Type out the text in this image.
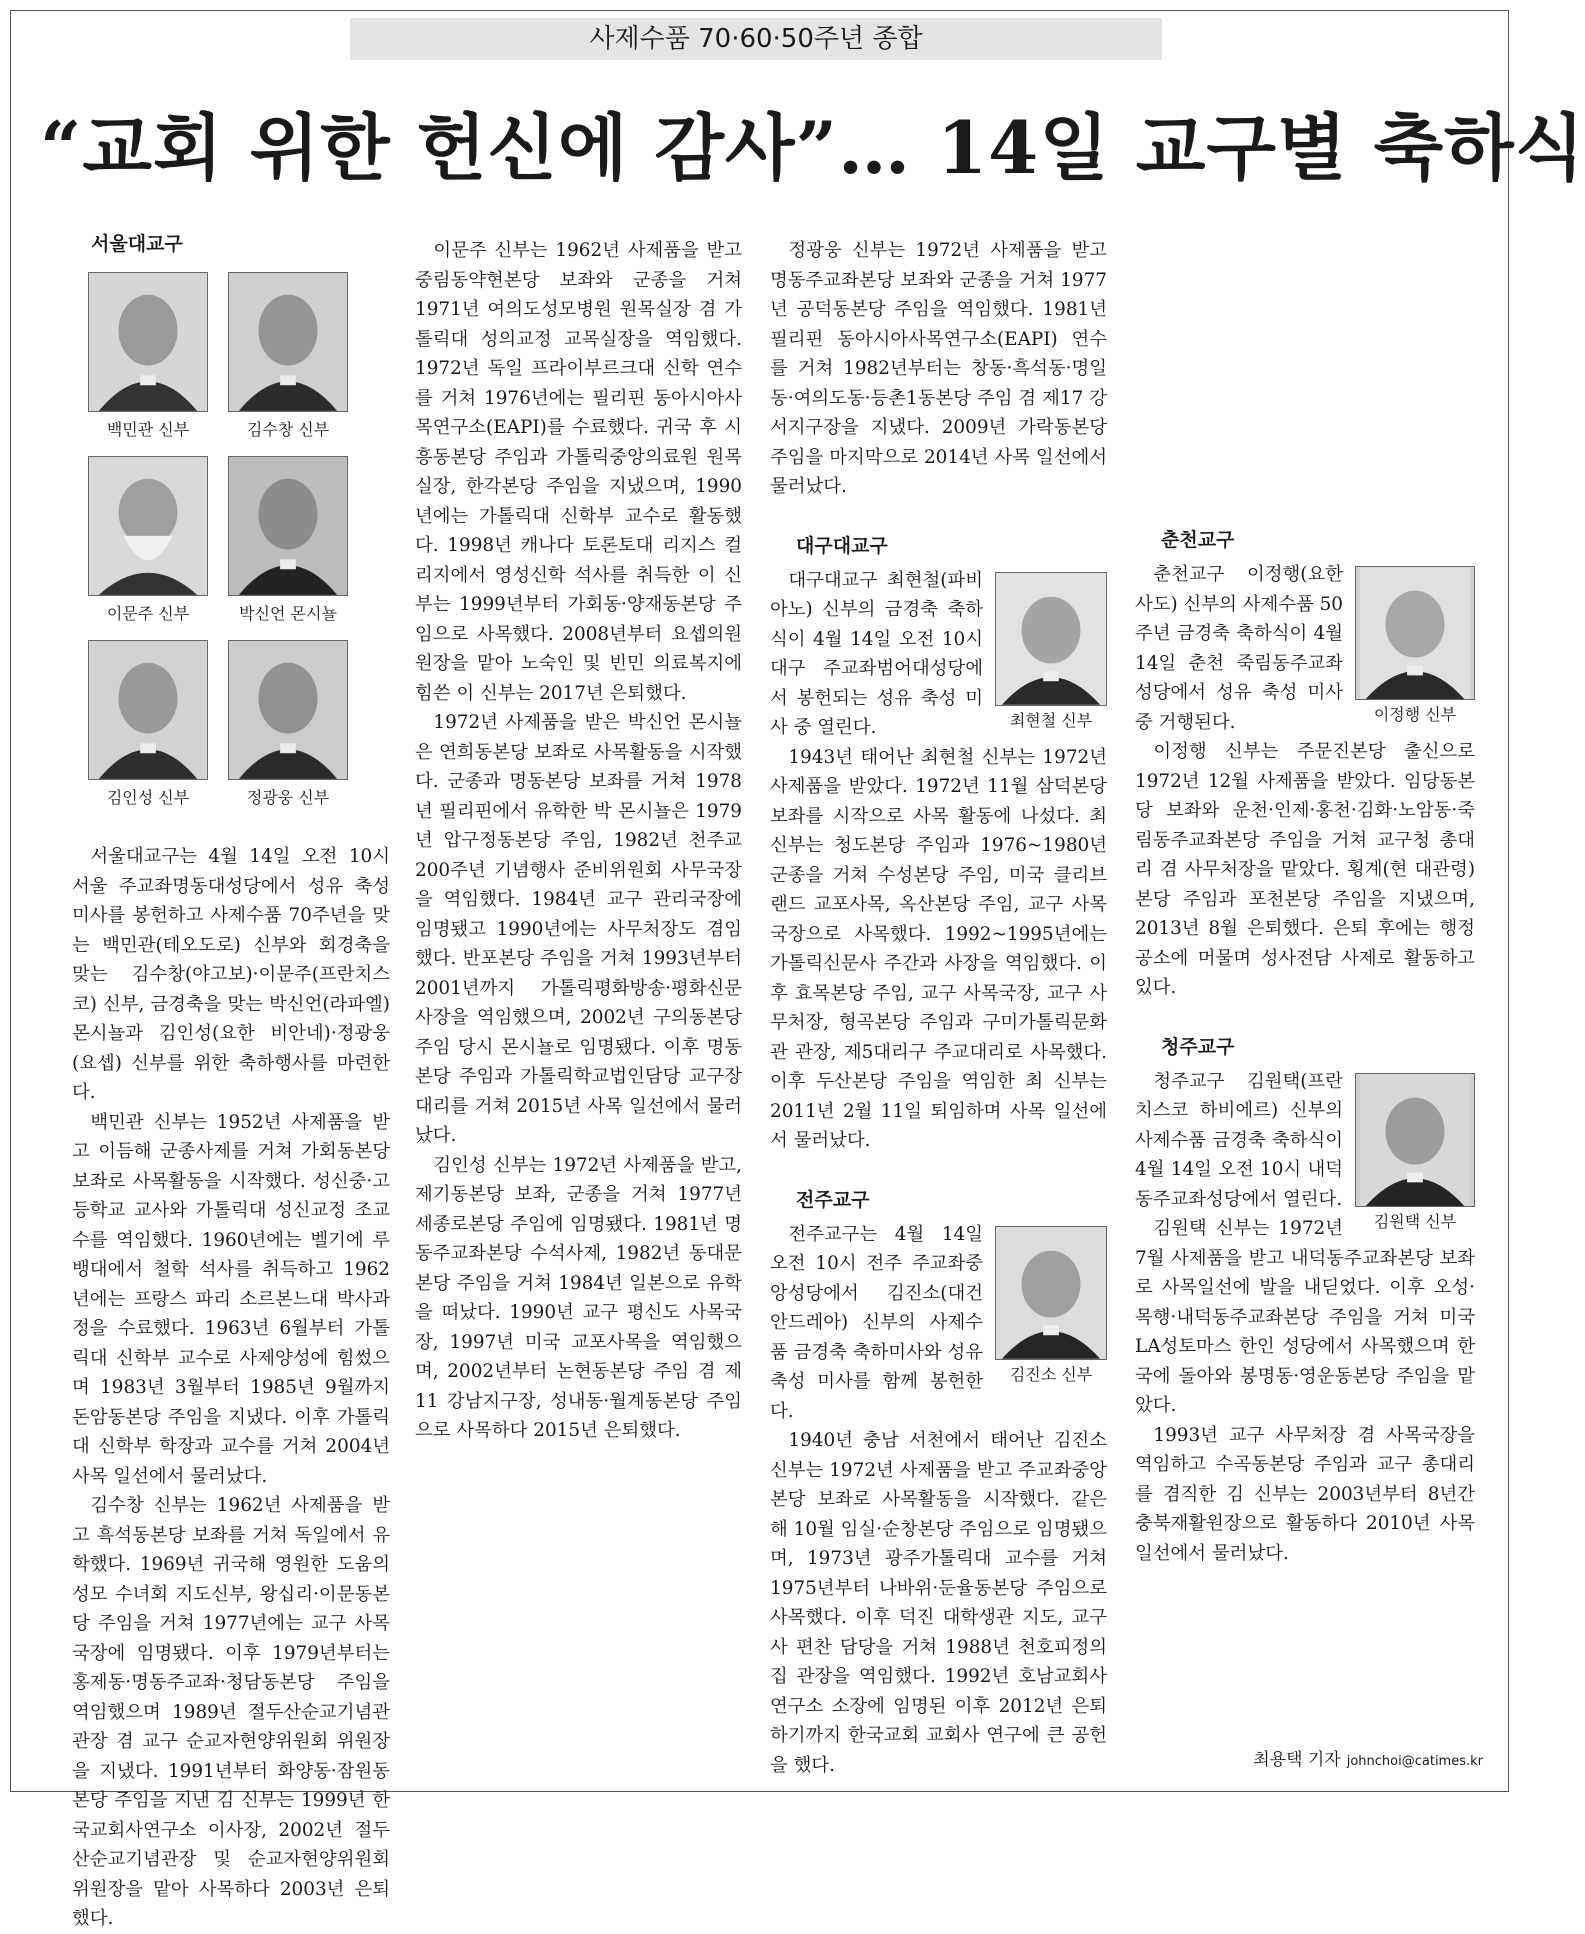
사제수품 70·60·50주년 종합
“교회 위한 헌신에 감사”… 14일 교구별 축하식
서울대교구
백민관 신부	김수창 신부
이문주 신부	박신언 몬시뇰
김인성 신부	정광웅 신부

서울대교구는 4월 14일 오전 10시 서울 주교좌명동대성당에서 성유 축성 미사를 봉헌하고 사제수품 70주년을 맞는 백민관(테오도로) 신부와 회경축을 맞는 김수창(야고보)·이문주(프란치스코) 신부, 금경축을 맞는 박신언(라파엘) 몬시뇰과 김인성(요한 비안네)·정광웅(요셉) 신부를 위한 축하행사를 마련한다.

백민관 신부는 1952년 사제품을 받고 이듬해 군종사제를 거쳐 가회동본당 보좌로 사목활동을 시작했다. 성신중·고등학교 교사와 가톨릭대 성신교정 조교수를 역임했다. 1960년에는 벨기에 루뱅대에서 철학 석사를 취득하고 1962년에는 프랑스 파리 소르본느대 박사과정을 수료했다. 1963년 6월부터 가톨릭대 신학부 교수로 사제양성에 힘썼으며 1983년 3월부터 1985년 9월까지 돈암동본당 주임을 지냈다. 이후 가톨릭대 신학부 학장과 교수를 거쳐 2004년 사목 일선에서 물러났다.

김수창 신부는 1962년 사제품을 받고 흑석동본당 보좌를 거쳐 독일에서 유학했다. 1969년 귀국해 영원한 도움의 성모 수녀회 지도신부, 왕십리·이문동본당 주임을 거쳐 1977년에는 교구 사목국장에 임명됐다. 이후 1979년부터는 홍제동·명동주교좌·청담동본당 주임을 역임했으며 1989년 절두산순교기념관 관장 겸 교구 순교자현양위원회 위원장을 지냈다. 1991년부터 화양동·잠원동본당 주임을 지낸 김 신부는 1999년 한국교회사연구소 이사장, 2002년 절두산순교기념관장 및 순교자현양위원회 위원장을 맡아 사목하다 2003년 은퇴했다.

이문주 신부는 1962년 사제품을 받고 중림동약현본당 보좌와 군종을 거쳐 1971년 여의도성모병원 원목실장 겸 가톨릭대 성의교정 교목실장을 역임했다. 1972년 독일 프라이부르크대 신학 연수를 거쳐 1976년에는 필리핀 동아시아사목연구소(EAPI)를 수료했다. 귀국 후 시흥동본당 주임과 가톨릭중앙의료원 원목실장, 한각본당 주임을 지냈으며, 1990년에는 가톨릭대 신학부 교수로 활동했다. 1998년 캐나다 토론토대 리지스 컬리지에서 영성신학 석사를 취득한 이 신부는 1999년부터 가회동·양재동본당 주임으로 사목했다. 2008년부터 요셉의원 원장을 맡아 노숙인 및 빈민 의료복지에 힘쓴 이 신부는 2017년 은퇴했다.

1972년 사제품을 받은 박신언 몬시뇰은 연희동본당 보좌로 사목활동을 시작했다. 군종과 명동본당 보좌를 거쳐 1978년 필리핀에서 유학한 박 몬시뇰은 1979년 압구정동본당 주임, 1982년 천주교 200주년 기념행사 준비위원회 사무국장을 역임했다. 1984년 교구 관리국장에 임명됐고 1990년에는 사무처장도 겸임했다. 반포본당 주임을 거쳐 1993년부터 2001년까지 가톨릭평화방송·평화신문 사장을 역임했으며, 2002년 구의동본당 주임 당시 몬시뇰로 임명됐다. 이후 명동본당 주임과 가톨릭학교법인담당 교구장대리를 거쳐 2015년 사목 일선에서 물러났다.

김인성 신부는 1972년 사제품을 받고, 제기동본당 보좌, 군종을 거쳐 1977년 세종로본당 주임에 임명됐다. 1981년 명동주교좌본당 수석사제, 1982년 동대문본당 주임을 거쳐 1984년 일본으로 유학을 떠났다. 1990년 교구 평신도 사목국장, 1997년 미국 교포사목을 역임했으며, 2002년부터 논현동본당 주임 겸 제11 강남지구장, 성내동·월계동본당 주임으로 사목하다 2015년 은퇴했다.

정광웅 신부는 1972년 사제품을 받고 명동주교좌본당 보좌와 군종을 거쳐 1977년 공덕동본당 주임을 역임했다. 1981년 필리핀 동아시아사목연구소(EAPI) 연수를 거쳐 1982년부터는 창동·흑석동·명일동·여의도동·등촌1동본당 주임 겸 제17 강서지구장을 지냈다. 2009년 가락동본당 주임을 마지막으로 2014년 사목 일선에서 물러났다.

대구대교구
최현철 신부

대구대교구 최현철(파비아노) 신부의 금경축 축하식이 4월 14일 오전 10시 대구 주교좌범어대성당에서 봉헌되는 성유 축성 미사 중 열린다.

1943년 태어난 최현철 신부는 1972년 사제품을 받았다. 1972년 11월 삼덕본당 보좌를 시작으로 사목 활동에 나섰다. 최 신부는 청도본당 주임과 1976~1980년 군종을 거쳐 수성본당 주임, 미국 클리브랜드 교포사목, 옥산본당 주임, 교구 사목국장으로 사목했다. 1992~1995년에는 가톨릭신문사 주간과 사장을 역임했다. 이후 효목본당 주임, 교구 사목국장, 교구 사무처장, 형곡본당 주임과 구미가톨릭문화관 관장, 제5대리구 주교대리로 사목했다. 이후 두산본당 주임을 역임한 최 신부는 2011년 2월 11일 퇴임하며 사목 일선에서 물러났다.

전주교구
김진소 신부

전주교구는 4월 14일 오전 10시 전주 주교좌중앙성당에서 김진소(대건 안드레아) 신부의 사제수품 금경축 축하미사와 성유 축성 미사를 함께 봉헌한다.

1940년 충남 서천에서 태어난 김진소 신부는 1972년 사제품을 받고 주교좌중앙본당 보좌로 사목활동을 시작했다. 같은 해 10월 임실·순창본당 주임으로 임명됐으며, 1973년 광주가톨릭대 교수를 거쳐 1975년부터 나바위·둔율동본당 주임으로 사목했다. 이후 덕진 대학생관 지도, 교구사 편찬 담당을 거쳐 1988년 천호피정의 집 관장을 역임했다. 1992년 호남교회사연구소 소장에 임명된 이후 2012년 은퇴하기까지 한국교회 교회사 연구에 큰 공헌을 했다.

춘천교구
이정행 신부

춘천교구 이정행(요한 사도) 신부의 사제수품 50주년 금경축 축하식이 4월 14일 춘천 죽림동주교좌성당에서 성유 축성 미사 중 거행된다.

이정행 신부는 주문진본당 출신으로 1972년 12월 사제품을 받았다. 임당동본당 보좌와 운천·인제·홍천·김화·노암동·죽림동주교좌본당 주임을 거쳐 교구청 총대리 겸 사무처장을 맡았다. 횡계(현 대관령)본당 주임과 포천본당 주임을 지냈으며, 2013년 8월 은퇴했다. 은퇴 후에는 행정공소에 머물며 성사전담 사제로 활동하고 있다.

청주교구
김원택 신부

청주교구 김원택(프란치스코 하비에르) 신부의 사제수품 금경축 축하식이 4월 14일 오전 10시 내덕동주교좌성당에서 열린다.

김원택 신부는 1972년 7월 사제품을 받고 내덕동주교좌본당 보좌로 사목일선에 발을 내딛었다. 이후 오성·목행·내덕동주교좌본당 주임을 거쳐 미국 LA성토마스 한인 성당에서 사목했으며 한국에 돌아와 봉명동·영운동본당 주임을 맡았다.

1993년 교구 사무처장 겸 사목국장을 역임하고 수곡동본당 주임과 교구 총대리를 겸직한 김 신부는 2003년부터 8년간 충북재활원장으로 활동하다 2010년 사목 일선에서 물러났다.

최용택 기자 johnchoi@catimes.kr
